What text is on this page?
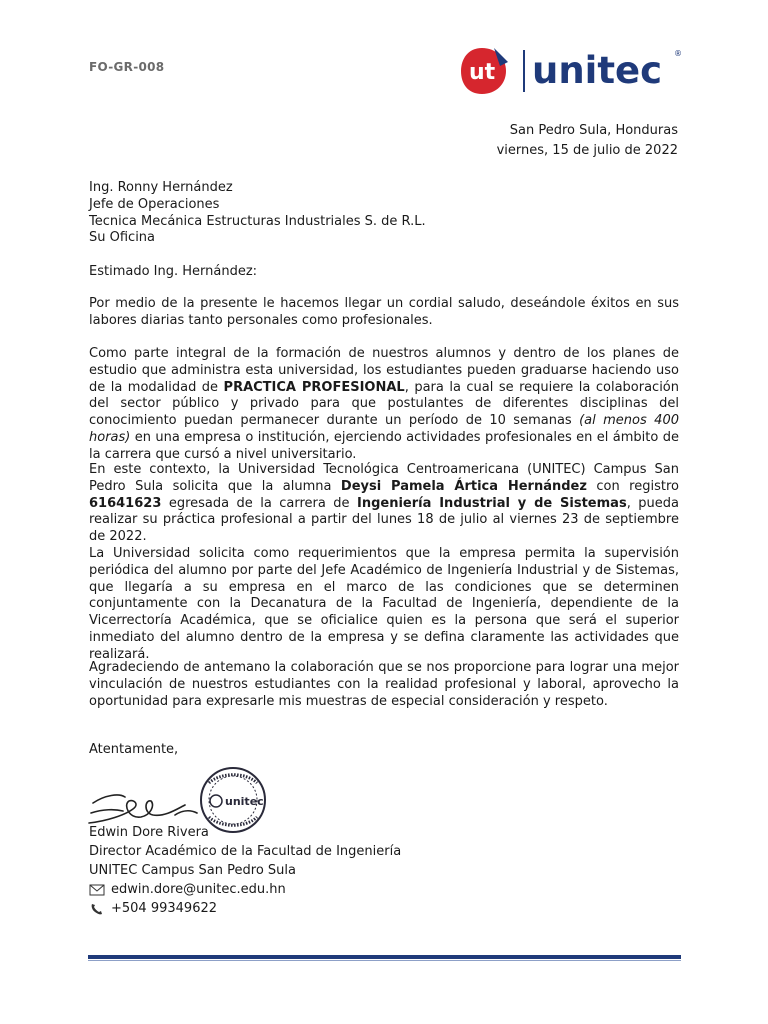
FO-GR-008	ut unitec ®
San Pedro Sula, Honduras
viernes, 15 de julio de 2022
Ing. Ronny Hernández
Jefe de Operaciones
Tecnica Mecánica Estructuras Industriales S. de R.L.
Su Oficina
Estimado Ing. Hernández:
Por medio de la presente le hacemos llegar un cordial saludo, deseándole éxitos en sus labores diarias tanto personales como profesionales.
Como parte integral de la formación de nuestros alumnos y dentro de los planes de estudio que administra esta universidad, los estudiantes pueden graduarse haciendo uso de la modalidad de PRACTICA PROFESIONAL, para la cual se requiere la colaboración del sector público y privado para que postulantes de diferentes disciplinas del conocimiento puedan permanecer durante un período de 10 semanas (al menos 400 horas) en una empresa o institución, ejerciendo actividades profesionales en el ámbito de la carrera que cursó a nivel universitario.
En este contexto, la Universidad Tecnológica Centroamericana (UNITEC) Campus San Pedro Sula solicita que la alumna Deysi Pamela Ártica Hernández con registro 61641623 egresada de la carrera de Ingeniería Industrial y de Sistemas, pueda realizar su práctica profesional a partir del lunes 18 de julio al viernes 23 de septiembre de 2022.
La Universidad solicita como requerimientos que la empresa permita la supervisión periódica del alumno por parte del Jefe Académico de Ingeniería Industrial y de Sistemas, que llegaría a su empresa en el marco de las condiciones que se determinen conjuntamente con la Decanatura de la Facultad de Ingeniería, dependiente de la Vicerrectoría Académica, que se oficialice quien es la persona que será el superior inmediato del alumno dentro de la empresa y se defina claramente las actividades que realizará.
Agradeciendo de antemano la colaboración que se nos proporcione para lograr una mejor vinculación de nuestros estudiantes con la realidad profesional y laboral, aprovecho la oportunidad para expresarle mis muestras de especial consideración y respeto.
Atentamente,
unitec
Edwin Dore Rivera
Director Académico de la Facultad de Ingeniería
UNITEC Campus San Pedro Sula
edwin.dore@unitec.edu.hn
+504 99349622
